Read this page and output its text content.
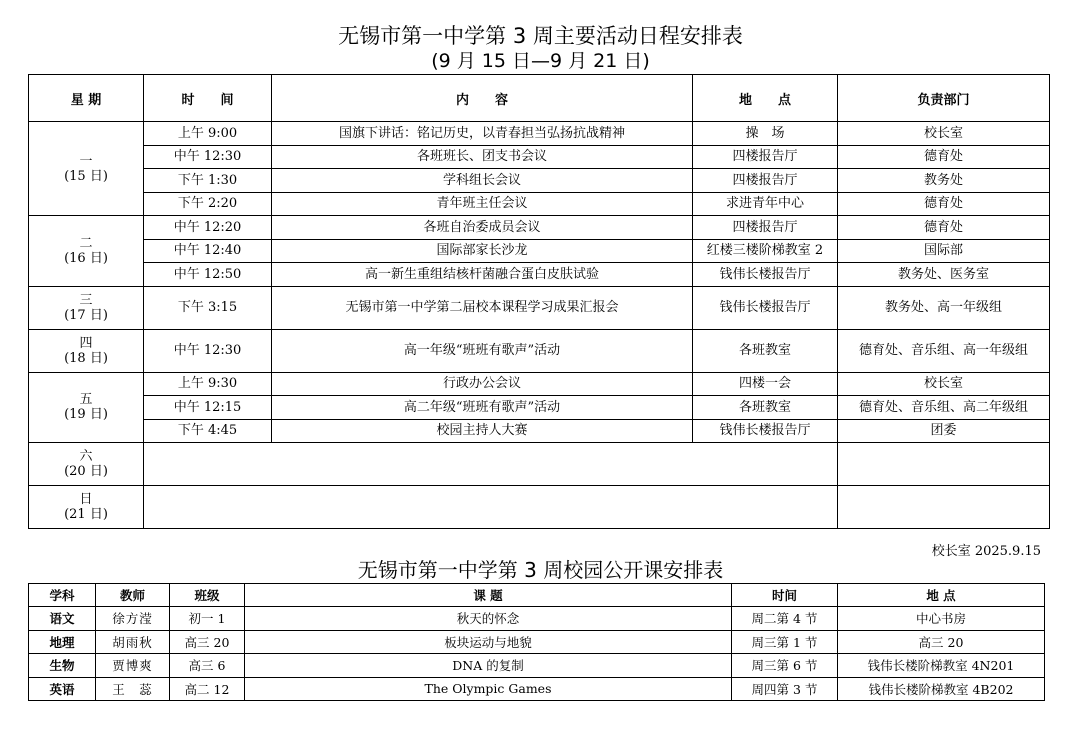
无锡市第一中学第 3 周主要活动日程安排表
(9 月 15 日—9 月 21 日)
星 期	时　　间	内　　容	地　　点	负责部门

一
(15 日)	上午 9:00	国旗下讲话：铭记历史，以青春担当弘扬抗战精神	操　场	校长室
	中午 12:30	各班班长、团支书会议	四楼报告厅	德育处
	下午 1:30	学科组长会议	四楼报告厅	教务处
	下午 2:20	青年班主任会议	求进青年中心	德育处

二
(16 日)	中午 12:20	各班自治委成员会议	四楼报告厅	德育处
	中午 12:40	国际部家长沙龙	红楼三楼阶梯教室 2	国际部
	中午 12:50	高一新生重组结核杆菌融合蛋白皮肤试验	钱伟长楼报告厅	教务处、医务室

三
(17 日)	下午 3:15	无锡市第一中学第二届校本课程学习成果汇报会	钱伟长楼报告厅	教务处、高一年级组

四
(18 日)	中午 12:30	高一年级“班班有歌声”活动	各班教室	德育处、音乐组、高一年级组

五
(19 日)	上午 9:30	行政办公会议	四楼一会	校长室
	中午 12:15	高二年级“班班有歌声”活动	各班教室	德育处、音乐组、高二年级组
	下午 4:45	校园主持人大赛	钱伟长楼报告厅	团委

六
(20 日)				

日
(21 日)				

校长室 2025.9.15
无锡市第一中学第 3 周校园公开课安排表
学科	教师	班级	课 题	时间	地 点
语文	徐方滢	初一 1	秋天的怀念	周二第 4 节	中心书房
地理	胡雨秋	高三 20	板块运动与地貌	周三第 1 节	高三 20
生物	贾博爽	高三 6	DNA 的复制	周三第 6 节	钱伟长楼阶梯教室 4N201
英语	王　蕊	高二 12	The Olympic Games	周四第 3 节	钱伟长楼阶梯教室 4B202
